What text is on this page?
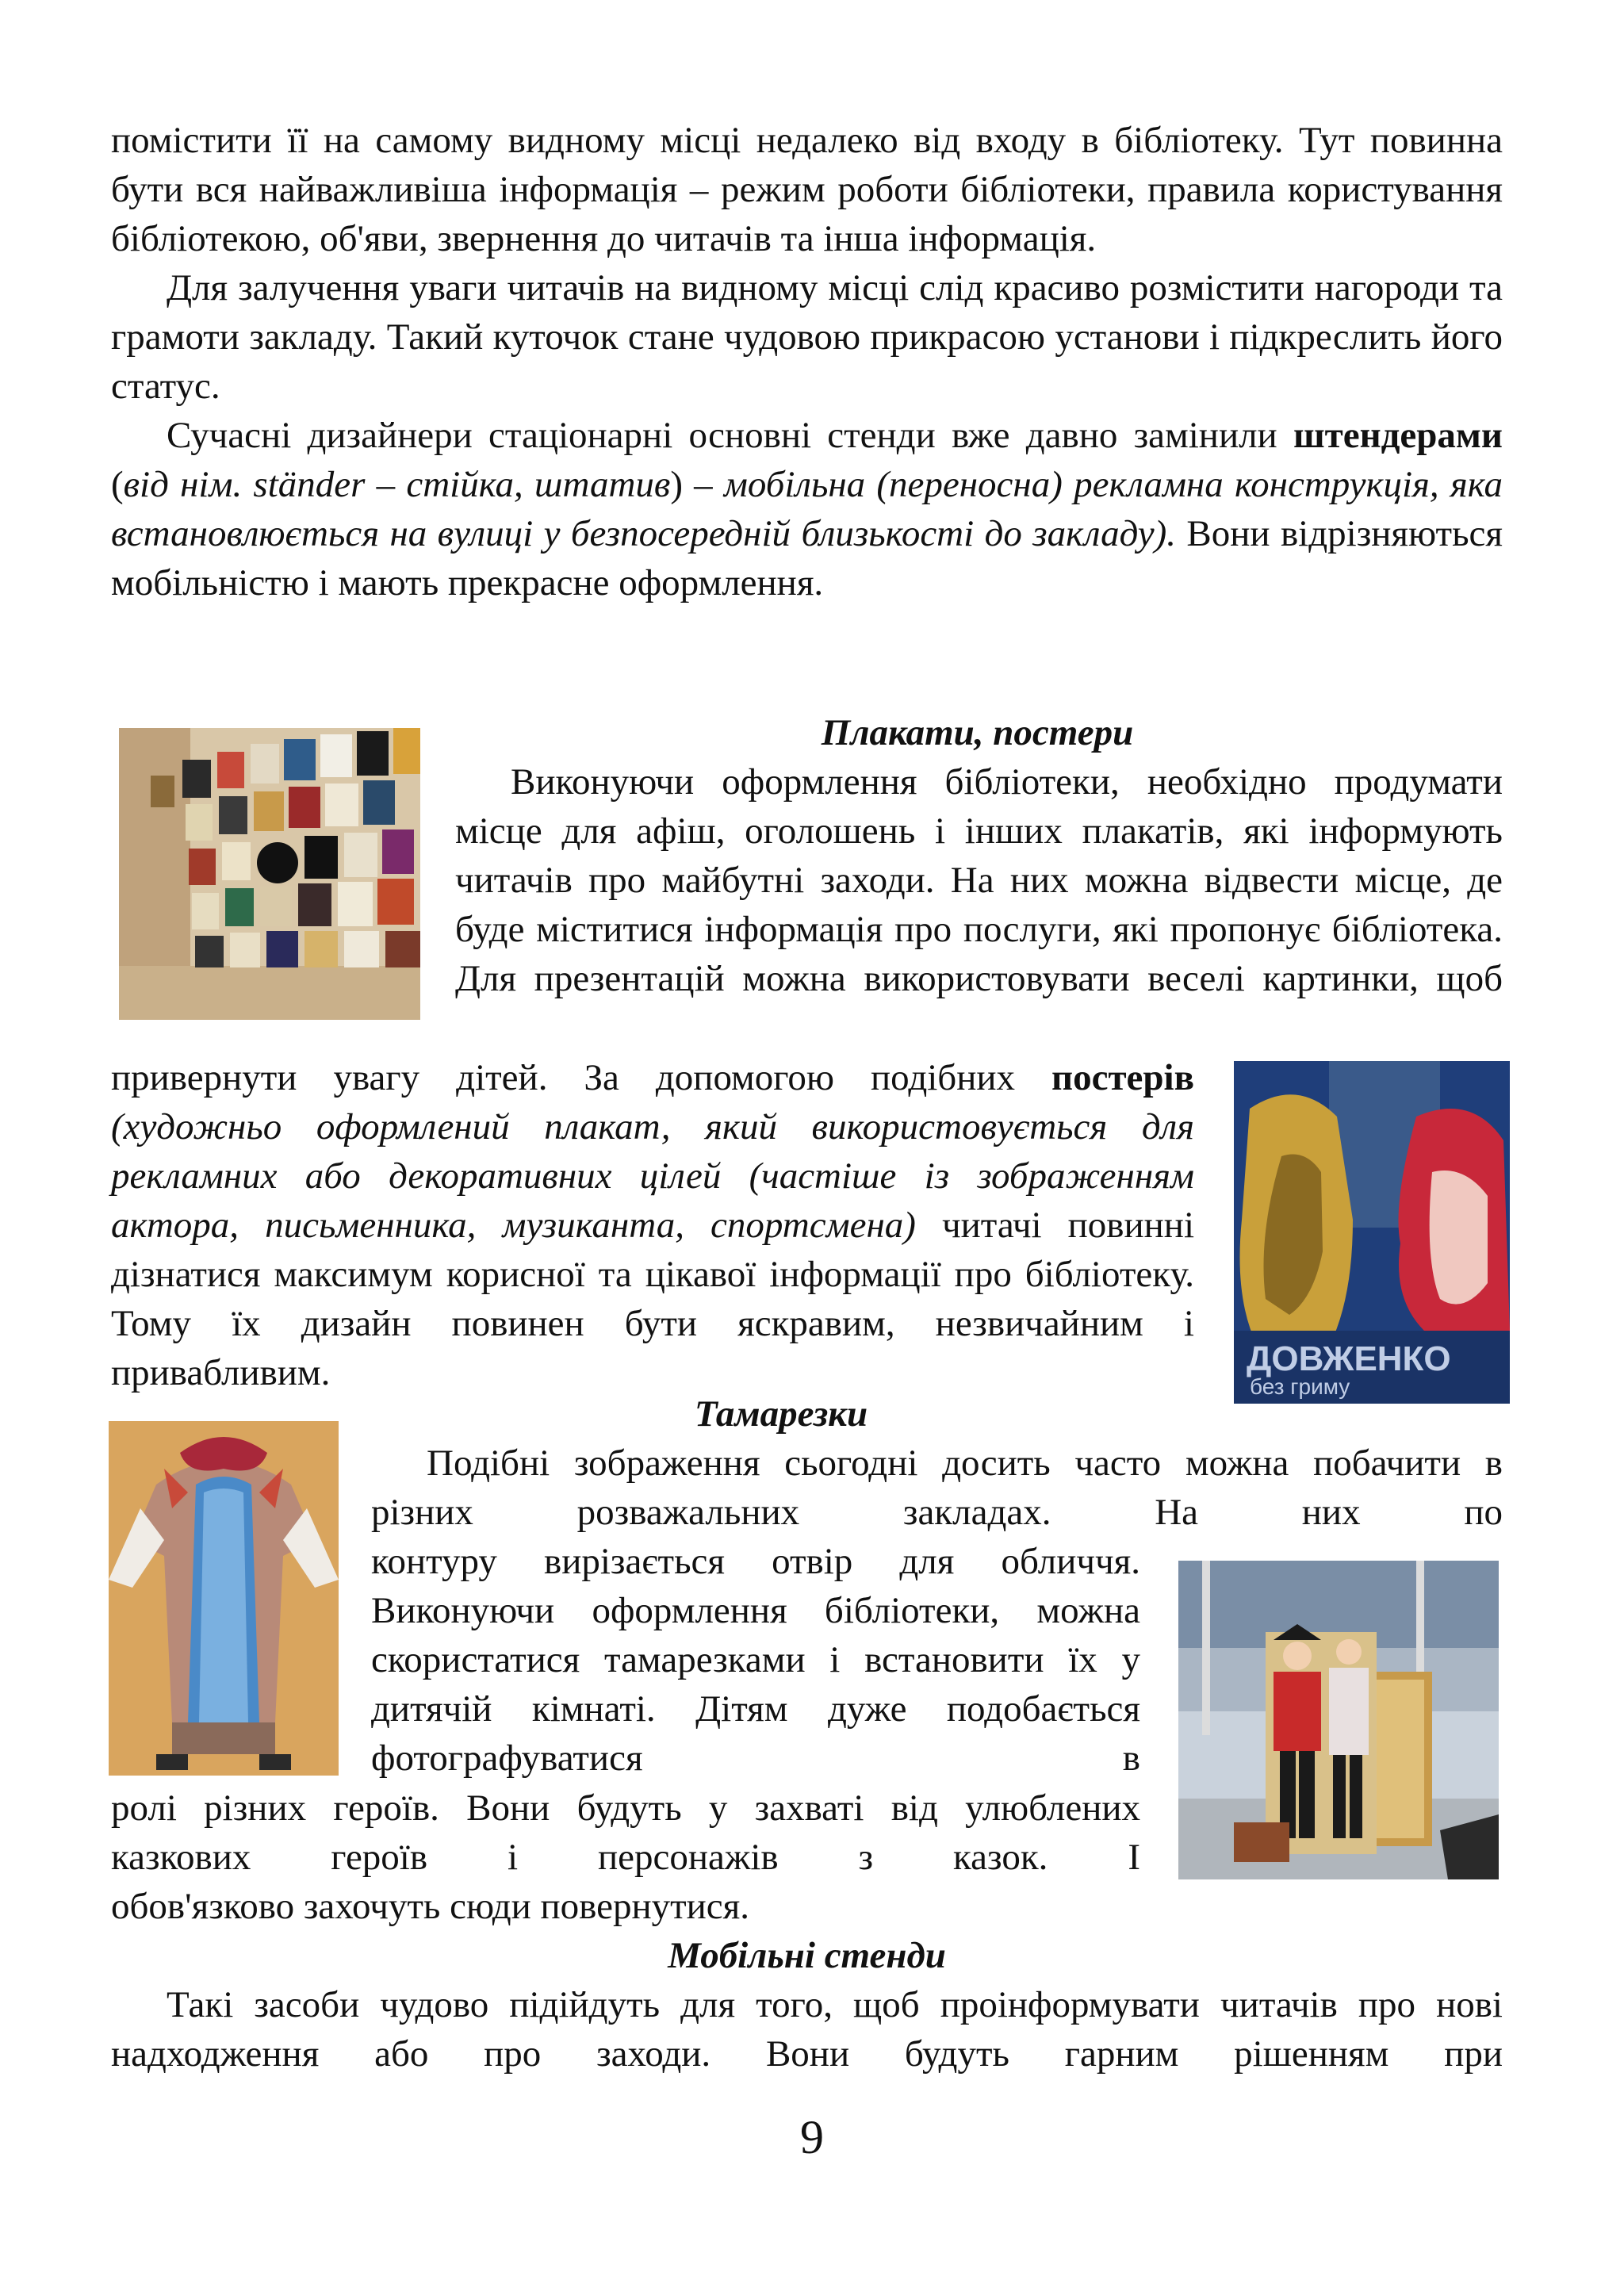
помістити її на самому видному місці недалеко від входу в бібліотеку. Тут повинна бути вся найважливіша інформація – режим роботи бібліотеки, правила користування бібліотекою, об'яви, звернення до читачів та інша інформація.

Для залучення уваги читачів на видному місці слід красиво розмістити нагороди та грамоти закладу. Такий куточок стане чудовою прикрасою установи і підкреслить його статус.

Сучасні дизайнери стаціонарні основні стенди вже давно замінили штендерами (від нім. ständer – стійка, штатив) – мобільна (переносна) рекламна конструкція, яка встановлюється на вулиці у безпосередній близькості до закладу). Вони відрізняються мобільністю і мають прекрасне оформлення.

Плакати, постери

Виконуючи оформлення бібліотеки, необхідно продумати місце для афіш, оголошень і інших плакатів, які інформують читачів про майбутні заходи. На них можна відвести місце, де буде міститися інформація про послуги, які пропонує бібліотека. Для презентацій можна використовувати веселі картинки, щоб

привернути увагу дітей. За допомогою подібних постерів (художньо оформлений плакат, який використовується для рекламних або декоративних цілей (частіше із зображенням актора, письменника, музиканта, спортсмена) читачі повинні дізнатися максимум корисної та цікавої інформації про бібліотеку. Тому їх дизайн повинен бути яскравим, незвичайним і привабливим.	ДОВЖЕНКО
без гриму

Тамарезки

Подібні зображення сьогодні досить часто можна побачити в різних розважальних закладах. На них по

контуру вирізається отвір для обличчя. Виконуючи оформлення бібліотеки, можна скористатися тамарезками і встановити їх у дитячій кімнаті. Дітям дуже подобається фотографуватися в

ролі різних героїв. Вони будуть у захваті від улюблених казкових героїв і персонажів з казок. І

обов'язково захочуть сюди повернутися.

Мобільні стенди

Такі засоби чудово підійдуть для того, щоб проінформувати читачів про нові надходження або про заходи. Вони будуть гарним рішенням при

9
